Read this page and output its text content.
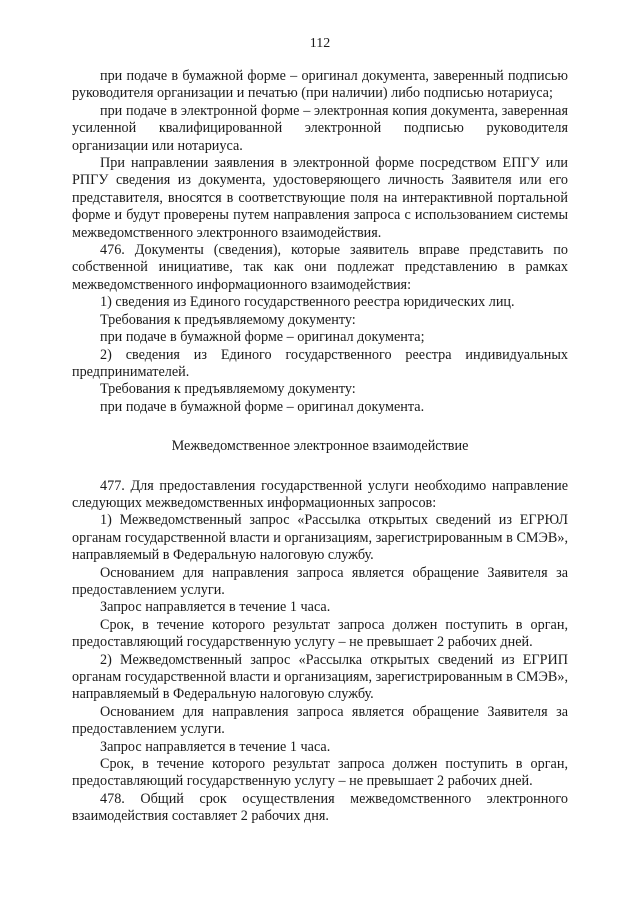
112

при подаче в бумажной форме – оригинал документа, заверенный подписью руководителя организации и печатью (при наличии) либо подписью нотариуса;

при подаче в электронной форме – электронная копия документа, заверенная усиленной квалифицированной электронной подписью руководителя организации или нотариуса.

При направлении заявления в электронной форме посредством ЕПГУ или РПГУ сведения из документа, удостоверяющего личность Заявителя или его представителя, вносятся в соответствующие поля на интерактивной портальной форме и будут проверены путем направления запроса с использованием системы межведомственного электронного взаимодействия.

476. Документы (сведения), которые заявитель вправе представить по собственной инициативе, так как они подлежат представлению в рамках межведомственного информационного взаимодействия:

1) сведения из Единого государственного реестра юридических лиц.

Требования к предъявляемому документу:

при подаче в бумажной форме – оригинал документа;

2) сведения из Единого государственного реестра индивидуальных предпринимателей.

Требования к предъявляемому документу:

при подаче в бумажной форме – оригинал документа.

Межведомственное электронное взаимодействие

477. Для предоставления государственной услуги необходимо направление следующих межведомственных информационных запросов:

1) Межведомственный запрос «Рассылка открытых сведений из ЕГРЮЛ органам государственной власти и организациям, зарегистрированным в СМЭВ», направляемый в Федеральную налоговую службу.

Основанием для направления запроса является обращение Заявителя за предоставлением услуги.

Запрос направляется в течение 1 часа.

Срок, в течение которого результат запроса должен поступить в орган, предоставляющий государственную услугу – не превышает 2 рабочих дней.

2) Межведомственный запрос «Рассылка открытых сведений из ЕГРИП органам государственной власти и организациям, зарегистрированным в СМЭВ», направляемый в Федеральную налоговую службу.

Основанием для направления запроса является обращение Заявителя за предоставлением услуги.

Запрос направляется в течение 1 часа.

Срок, в течение которого результат запроса должен поступить в орган, предоставляющий государственную услугу – не превышает 2 рабочих дней.

478. Общий срок осуществления межведомственного электронного взаимодействия составляет 2 рабочих дня.
